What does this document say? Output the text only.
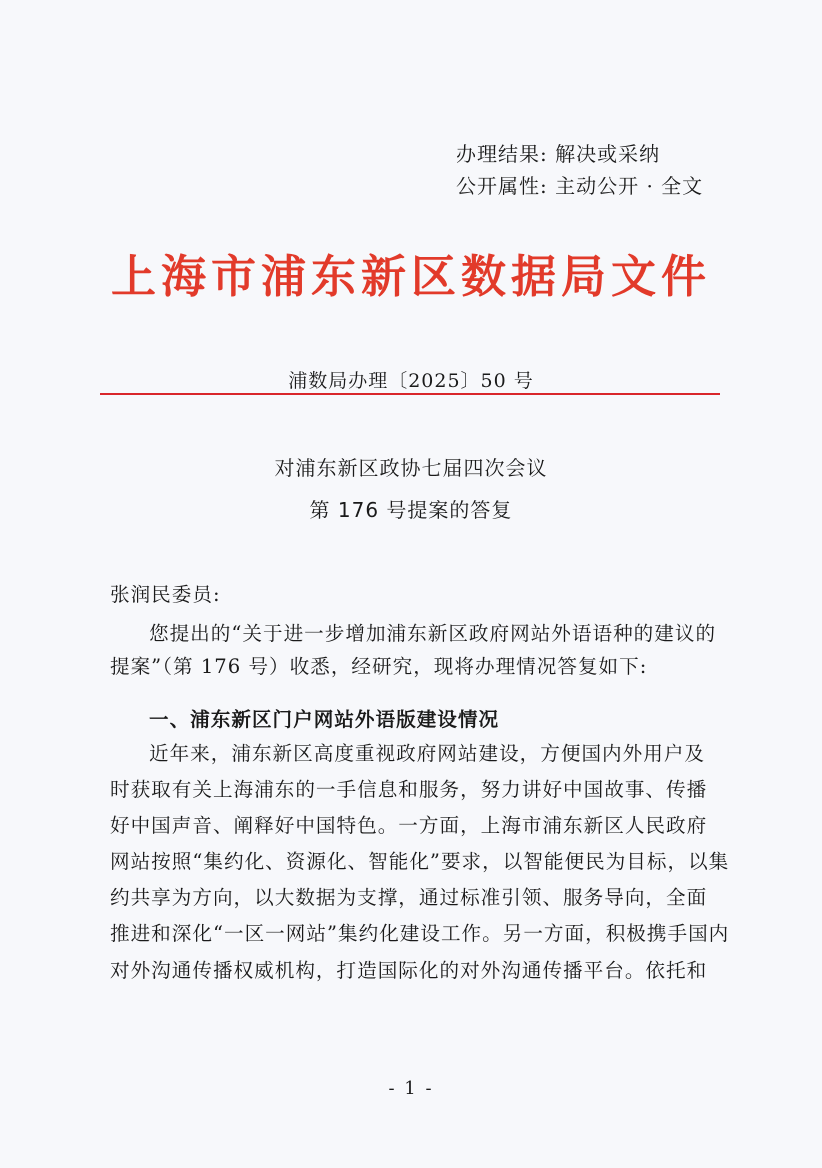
办理结果: 解决或采纳
公开属性: 主动公开 · 全文
上海市浦东新区数据局文件
浦数局办理〔2025〕50 号
对浦东新区政协七届四次会议
第 176 号提案的答复
张润民委员:
您提出的“关于进一步增加浦东新区政府网站外语语种的建议的
提案”（第 176 号）收悉，经研究，现将办理情况答复如下:
一、浦东新区门户网站外语版建设情况
近年来，浦东新区高度重视政府网站建设，方便国内外用户及
时获取有关上海浦东的一手信息和服务，努力讲好中国故事、传播
好中国声音、阐释好中国特色。一方面，上海市浦东新区人民政府
网站按照“集约化、资源化、智能化”要求，以智能便民为目标，以集
约共享为方向，以大数据为支撑，通过标准引领、服务导向，全面
推进和深化“一区一网站”集约化建设工作。另一方面，积极携手国内
对外沟通传播权威机构，打造国际化的对外沟通传播平台。依托和
- 1 -
